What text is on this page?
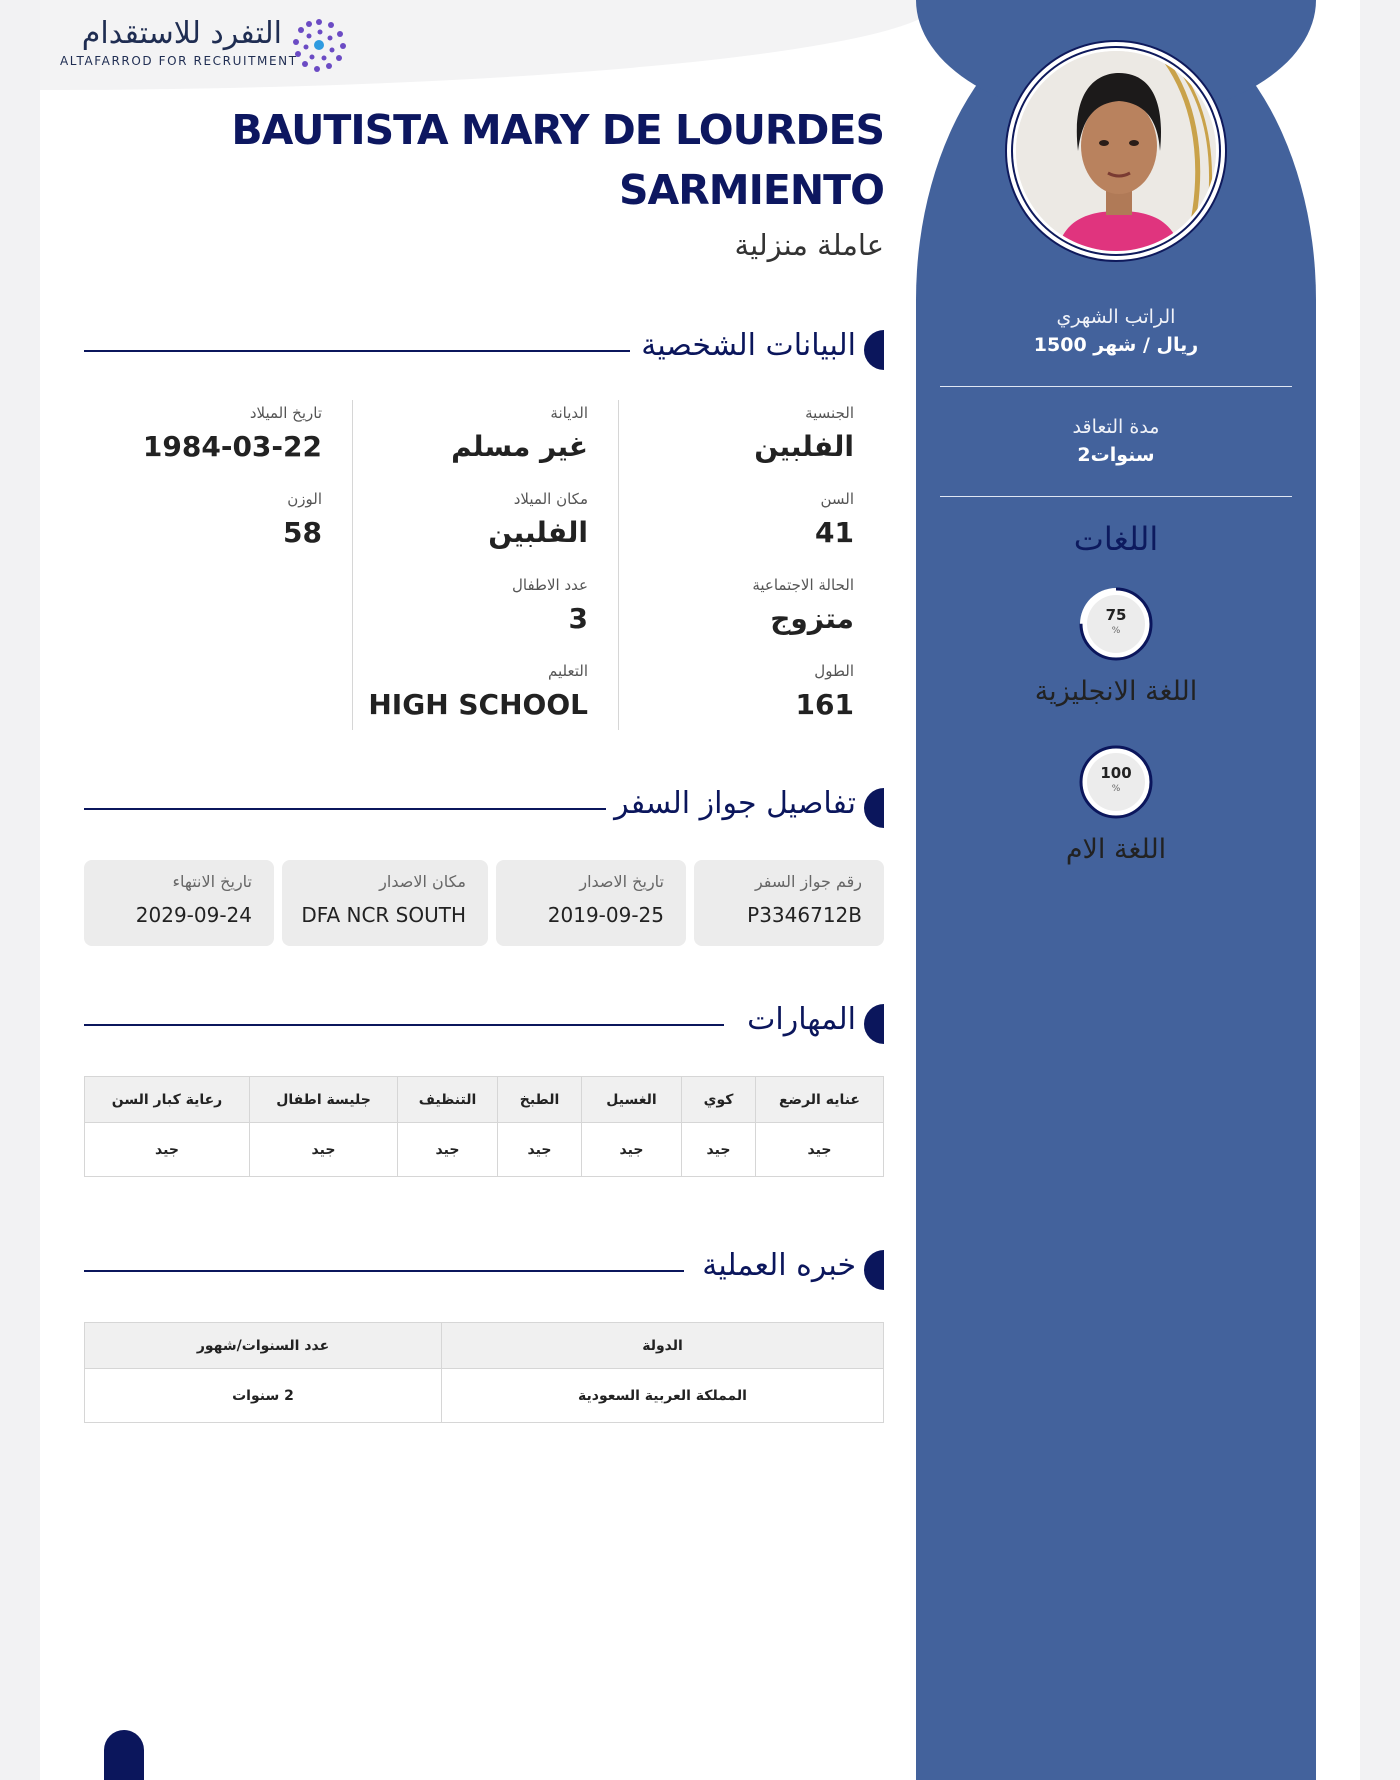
التفرد للاستقدام
ALTAFARROD FOR RECRUITMENT
الراتب الشهري
1500 ريال / شهر
مدة التعاقد
2سنوات
اللغات
75
%
اللغة الانجليزية
100
%
اللغة الام
BAUTISTA MARY DE LOURDES SARMIENTO
عاملة منزلية
البيانات الشخصية
الجنسية
الفلبين
السن
41
الحالة الاجتماعية
متزوج
الطول
161
الديانة
غير مسلم
مكان الميلاد
الفلبين
عدد الاطفال
3
التعليم
HIGH SCHOOL
تاريخ الميلاد
1984-03-22
الوزن
58
تفاصيل جواز السفر
رقم جواز السفر
P3346712B
تاريخ الاصدار
2019-09-25
مكان الاصدار
DFA NCR SOUTH
تاريخ الانتهاء
2029-09-24
المهارات
عنايه الرضع	كوي	الغسيل	الطبخ	التنظيف	جليسة اطفال	رعاية كبار السن
جيد	جيد	جيد	جيد	جيد	جيد	جيد
خبره العملية
الدولة	عدد السنوات/شهور
المملكة العربية السعودية	2 سنوات
